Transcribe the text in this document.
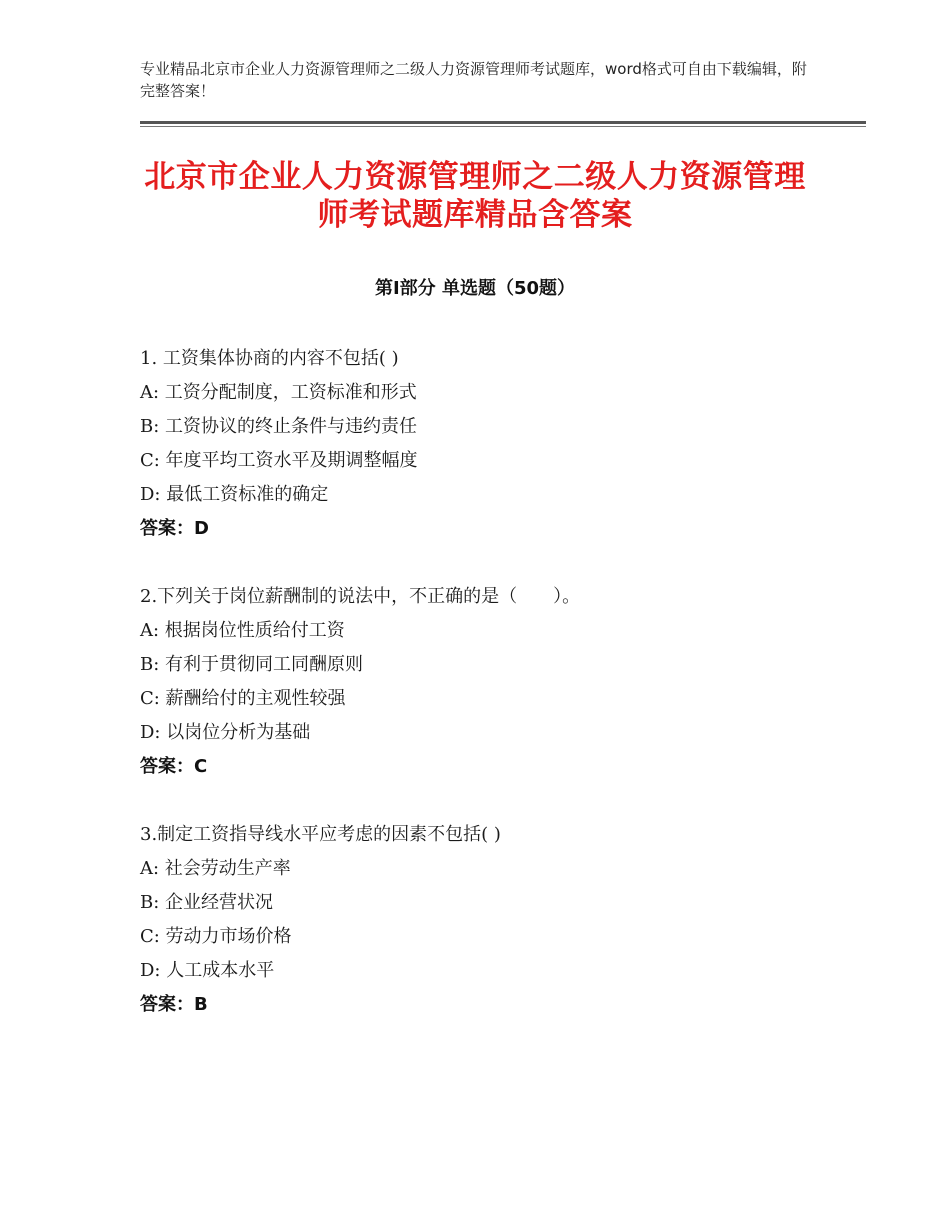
专业精品北京市企业人力资源管理师之二级人力资源管理师考试题库，word格式可自由下载编辑，附完整答案！
北京市企业人力资源管理师之二级人力资源管理师考试题库精品含答案
第Ⅰ部分 单选题（50题）
1. 工资集体协商的内容不包括( )
A: 工资分配制度，工资标准和形式
B: 工资协议的终止条件与违约责任
C: 年度平均工资水平及期调整幅度
D: 最低工资标准的确定
答案：D
2.下列关于岗位薪酬制的说法中，不正确的是（　　）。
A: 根据岗位性质给付工资
B: 有利于贯彻同工同酬原则
C: 薪酬给付的主观性较强
D: 以岗位分析为基础
答案：C
3.制定工资指导线水平应考虑的因素不包括( )
A: 社会劳动生产率
B: 企业经营状况
C: 劳动力市场价格
D: 人工成本水平
答案：B
